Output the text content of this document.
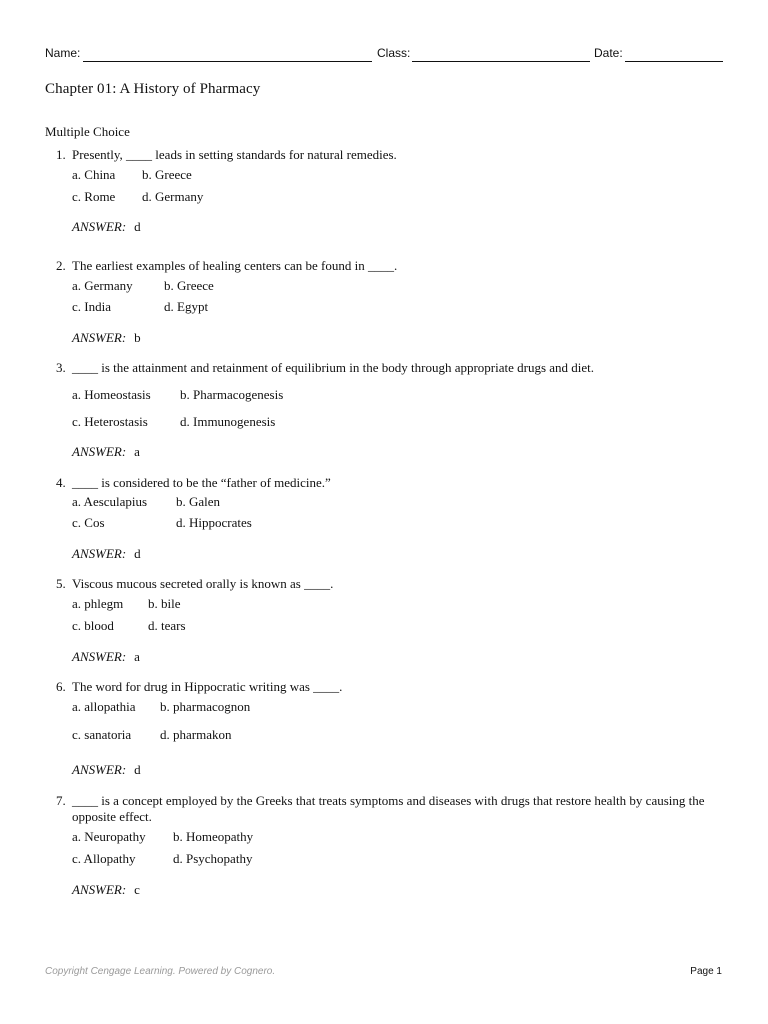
Name:	Class:	Date:
Chapter 01: A History of Pharmacy
Multiple Choice
1. Presently, ____ leads in setting standards for natural remedies.
a. China b. Greece
c. Rome d. Germany
ANSWER: d
2. The earliest examples of healing centers can be found in ____.
a. Germany b. Greece
c. India	d. Egypt
ANSWER: b
3. ____ is the attainment and retainment of equilibrium in the body through appropriate drugs and diet.
a. Homeostasis b. Pharmacogenesis
c. Heterostasis d. Immunogenesis
ANSWER: a
4. ____ is considered to be the “father of medicine.”
a. Aesculapius b. Galen
c. Cos	d. Hippocrates
ANSWER: d
5. Viscous mucous secreted orally is known as ____.
a. phlegm b. bile
c. blood	d. tears
ANSWER: a
6. The word for drug in Hippocratic writing was ____.
a. allopathia b. pharmacognon
c. sanatoria d. pharmakon
ANSWER: d
7. ____ is a concept employed by the Greeks that treats symptoms and diseases with drugs that restore health by causing the opposite effect.
a. Neuropathy b. Homeopathy
c. Allopathy	d. Psychopathy
ANSWER: c
Copyright Cengage Learning. Powered by Cognero.	Page 1
